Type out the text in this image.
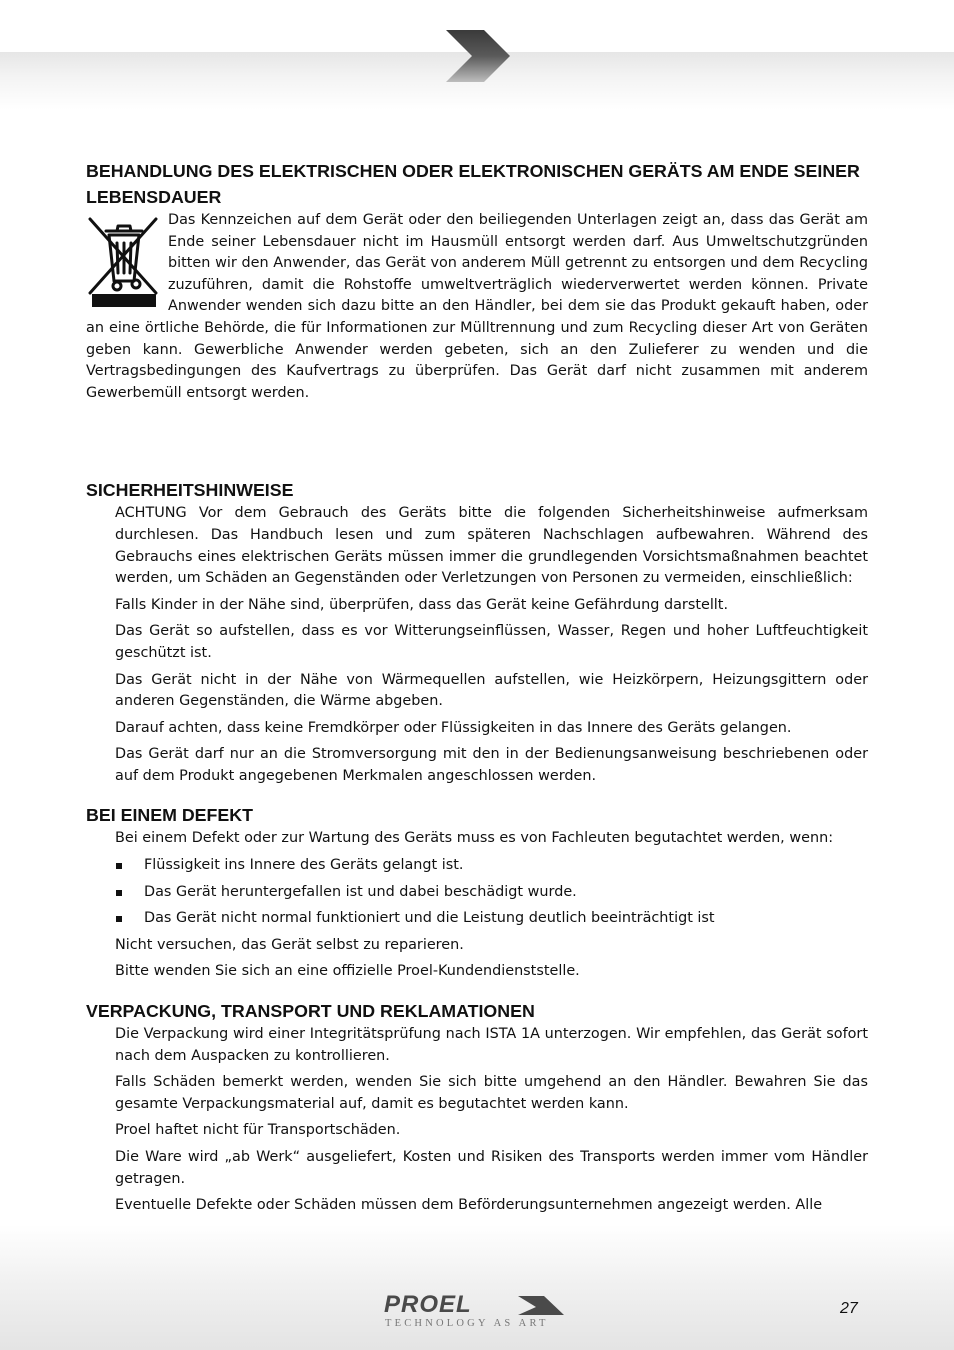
BEHANDLUNG DES ELEKTRISCHEN ODER ELEKTRONISCHEN GERÄTS AM ENDE SEINER LEBENSDAUER

Das Kennzeichen auf dem Gerät oder den beiliegenden Unterlagen zeigt an, dass das Gerät am Ende seiner Lebensdauer nicht im Hausmüll entsorgt werden darf. Aus Umweltschutzgründen bitten wir den Anwender, das Gerät von anderem Müll getrennt zu entsorgen und dem Recycling zuzuführen, damit die Rohstoffe umweltverträglich wiederverwertet werden können. Private Anwender wenden sich dazu bitte an den Händler, bei dem sie das Produkt gekauft haben, oder an eine örtliche Behörde, die für Informationen zur Mülltrennung und zum Recycling dieser Art von Geräten geben kann. Gewerbliche Anwender werden gebeten, sich an den Zulieferer zu wenden und die Vertragsbedingungen des Kaufvertrags zu überprüfen. Das Gerät darf nicht zusammen mit anderem Gewerbemüll entsorgt werden.

SICHERHEITSHINWEISE

ACHTUNG Vor dem Gebrauch des Geräts bitte die folgenden Sicherheitshinweise aufmerksam durchlesen. Das Handbuch lesen und zum späteren Nachschlagen aufbewahren. Während des Gebrauchs eines elektrischen Geräts müssen immer die grundlegenden Vorsichtsmaßnahmen beachtet werden, um Schäden an Gegenständen oder Verletzungen von Personen zu vermeiden, einschließlich:

Falls Kinder in der Nähe sind, überprüfen, dass das Gerät keine Gefährdung darstellt.

Das Gerät so aufstellen, dass es vor Witterungseinflüssen, Wasser, Regen und hoher Luftfeuchtigkeit geschützt ist.

Das Gerät nicht in der Nähe von Wärmequellen aufstellen, wie Heizkörpern, Heizungsgittern oder anderen Gegenständen, die Wärme abgeben.

Darauf achten, dass keine Fremdkörper oder Flüssigkeiten in das Innere des Geräts gelangen.

Das Gerät darf nur an die Stromversorgung mit den in der Bedienungsanweisung beschriebenen oder auf dem Produkt angegebenen Merkmalen angeschlossen werden.

BEI EINEM DEFEKT

Bei einem Defekt oder zur Wartung des Geräts muss es von Fachleuten begutachtet werden, wenn:

Flüssigkeit ins Innere des Geräts gelangt ist.
Das Gerät heruntergefallen ist und dabei beschädigt wurde.
Das Gerät nicht normal funktioniert und die Leistung deutlich beeinträchtigt ist

Nicht versuchen, das Gerät selbst zu reparieren.

Bitte wenden Sie sich an eine offizielle Proel-Kundendienststelle.

VERPACKUNG, TRANSPORT UND REKLAMATIONEN

Die Verpackung wird einer Integritätsprüfung nach ISTA 1A unterzogen. Wir empfehlen, das Gerät sofort nach dem Auspacken zu kontrollieren.

Falls Schäden bemerkt werden, wenden Sie sich bitte umgehend an den Händler. Bewahren Sie das gesamte Verpackungsmaterial auf, damit es begutachtet werden kann.

Proel haftet nicht für Transportschäden.

Die Ware wird „ab Werk“ ausgeliefert, Kosten und Risiken des Transports werden immer vom Händler getragen.

Eventuelle Defekte oder Schäden müssen dem Beförderungsunternehmen angezeigt werden. Alle

PROEL
TECHNOLOGY AS ART
27
